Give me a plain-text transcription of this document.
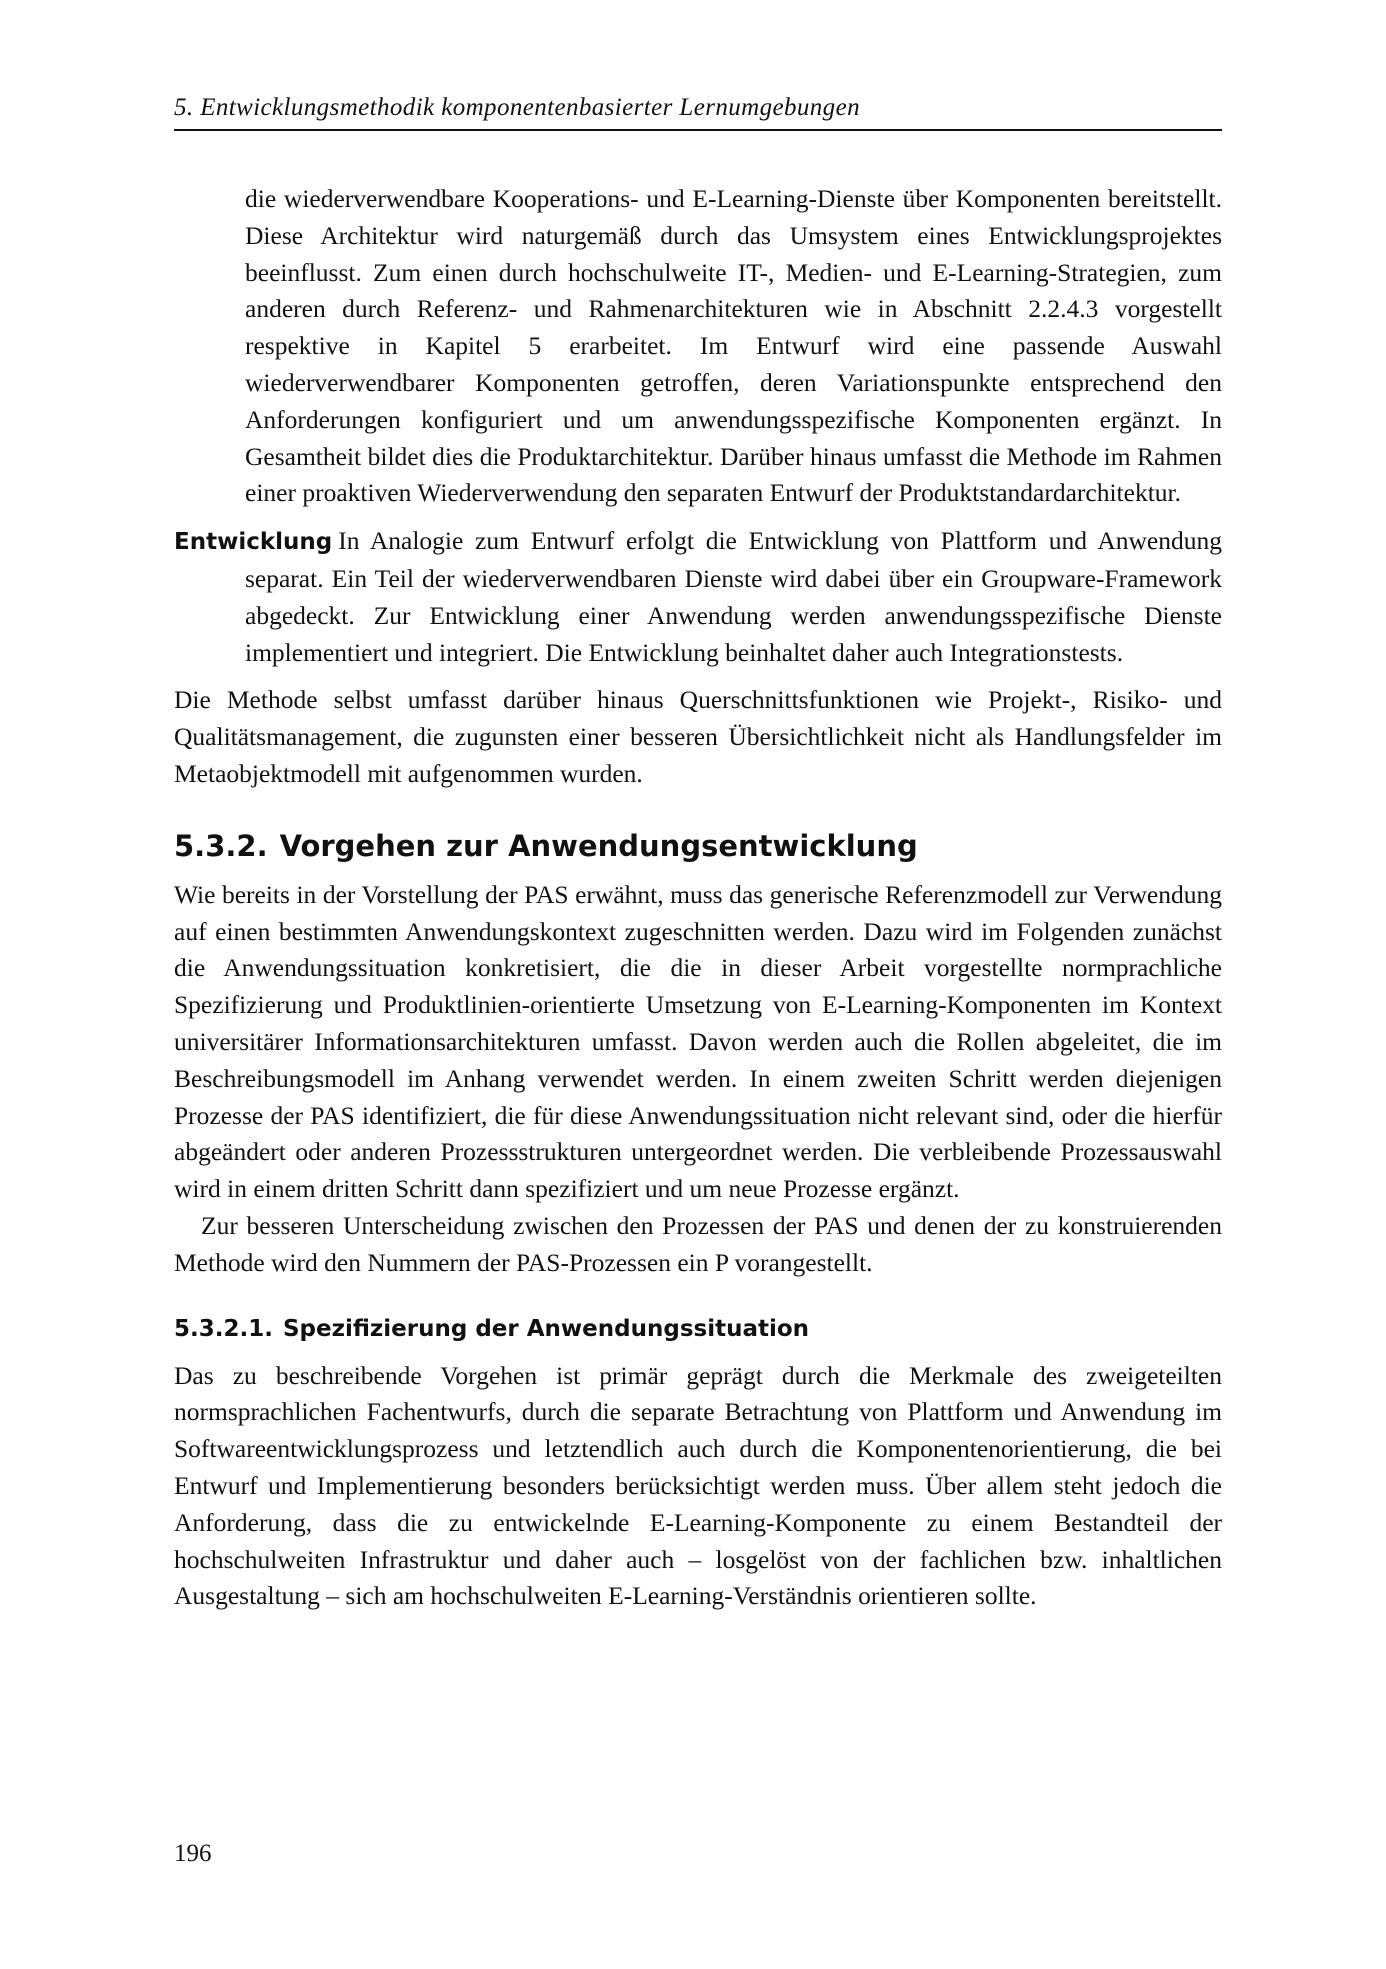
5. Entwicklungsmethodik komponentenbasierter Lernumgebungen

die wiederverwendbare Kooperations- und E-Learning-Dienste über Komponenten bereitstellt. Diese Architektur wird naturgemäß durch das Umsystem eines Entwicklungsprojektes beeinflusst. Zum einen durch hochschulweite IT-, Medien- und E-Learning-Strategien, zum anderen durch Referenz- und Rahmenarchitekturen wie in Abschnitt 2.2.4.3 vorgestellt respektive in Kapitel 5 erarbeitet. Im Entwurf wird eine passende Auswahl wiederverwendbarer Komponenten getroffen, deren Variationspunkte entsprechend den Anforderungen konfiguriert und um anwendungsspezifische Komponenten ergänzt. In Gesamtheit bildet dies die Produktarchitektur. Darüber hinaus umfasst die Methode im Rahmen einer proaktiven Wiederverwendung den separaten Entwurf der Produktstandardarchitektur.

Entwicklung In Analogie zum Entwurf erfolgt die Entwicklung von Plattform und Anwendung separat. Ein Teil der wiederverwendbaren Dienste wird dabei über ein Groupware-Framework abgedeckt. Zur Entwicklung einer Anwendung werden anwendungsspezifische Dienste implementiert und integriert. Die Entwicklung beinhaltet daher auch Integrationstests.

Die Methode selbst umfasst darüber hinaus Querschnittsfunktionen wie Projekt-, Risiko- und Qualitätsmanagement, die zugunsten einer besseren Übersichtlichkeit nicht als Handlungsfelder im Metaobjektmodell mit aufgenommen wurden.

5.3.2. Vorgehen zur Anwendungsentwicklung

Wie bereits in der Vorstellung der PAS erwähnt, muss das generische Referenzmodell zur Verwendung auf einen bestimmten Anwendungskontext zugeschnitten werden. Dazu wird im Folgenden zunächst die Anwendungssituation konkretisiert, die die in dieser Arbeit vorgestellte normprachliche Spezifizierung und Produktlinien-orientierte Umsetzung von E-Learning-Komponenten im Kontext universitärer Informationsarchitekturen umfasst. Davon werden auch die Rollen abgeleitet, die im Beschreibungsmodell im Anhang verwendet werden. In einem zweiten Schritt werden diejenigen Prozesse der PAS identifiziert, die für diese Anwendungssituation nicht relevant sind, oder die hierfür abgeändert oder anderen Prozessstrukturen untergeordnet werden. Die verbleibende Prozessauswahl wird in einem dritten Schritt dann spezifiziert und um neue Prozesse ergänzt.

Zur besseren Unterscheidung zwischen den Prozessen der PAS und denen der zu konstruierenden Methode wird den Nummern der PAS-Prozessen ein P vorangestellt.

5.3.2.1. Spezifizierung der Anwendungssituation

Das zu beschreibende Vorgehen ist primär geprägt durch die Merkmale des zweigeteilten normsprachlichen Fachentwurfs, durch die separate Betrachtung von Plattform und Anwendung im Softwareentwicklungsprozess und letztendlich auch durch die Komponentenorientierung, die bei Entwurf und Implementierung besonders berücksichtigt werden muss. Über allem steht jedoch die Anforderung, dass die zu entwickelnde E-Learning-Komponente zu einem Bestandteil der hochschulweiten Infrastruktur und daher auch – losgelöst von der fachlichen bzw. inhaltlichen Ausgestaltung – sich am hochschulweiten E-Learning-Verständnis orientieren sollte.

196
